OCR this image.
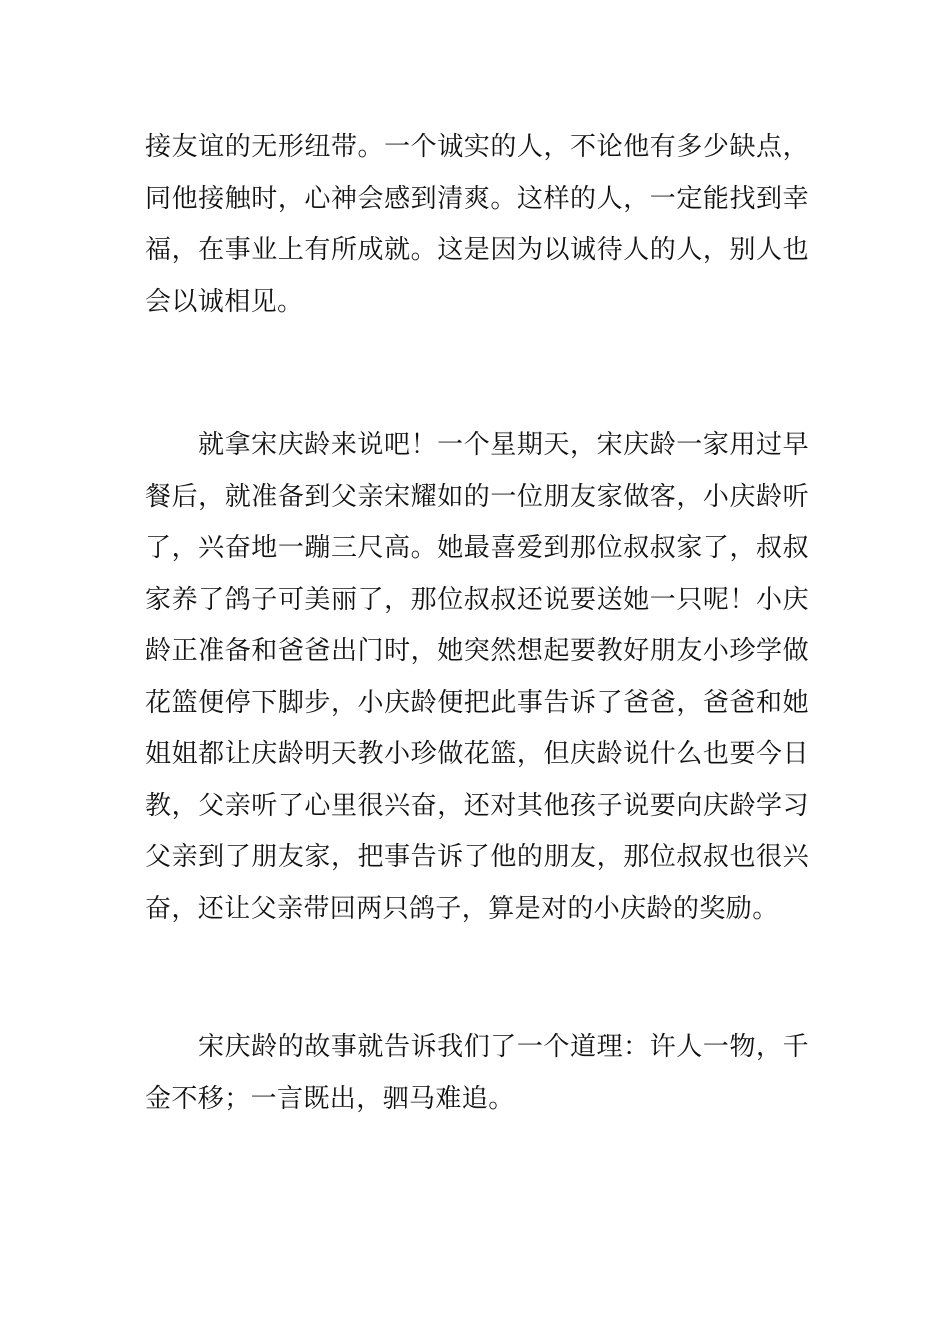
接友谊的无形纽带。一个诚实的人，不论他有多少缺点，同他接触时，心神会感到清爽。这样的人，一定能找到幸福，在事业上有所成就。这是因为以诚待人的人，别人也会以诚相见。

就拿宋庆龄来说吧！一个星期天，宋庆龄一家用过早餐后，就准备到父亲宋耀如的一位朋友家做客，小庆龄听了，兴奋地一蹦三尺高。她最喜爱到那位叔叔家了，叔叔家养了鸽子可美丽了，那位叔叔还说要送她一只呢！小庆龄正准备和爸爸出门时，她突然想起要教好朋友小珍学做花篮便停下脚步，小庆龄便把此事告诉了爸爸，爸爸和她姐姐都让庆龄明天教小珍做花篮，但庆龄说什么也要今日教，父亲听了心里很兴奋，还对其他孩子说要向庆龄学习父亲到了朋友家，把事告诉了他的朋友，那位叔叔也很兴奋，还让父亲带回两只鸽子，算是对的小庆龄的奖励。

宋庆龄的故事就告诉我们了一个道理：许人一物，千金不移；一言既出，驷马难追。
